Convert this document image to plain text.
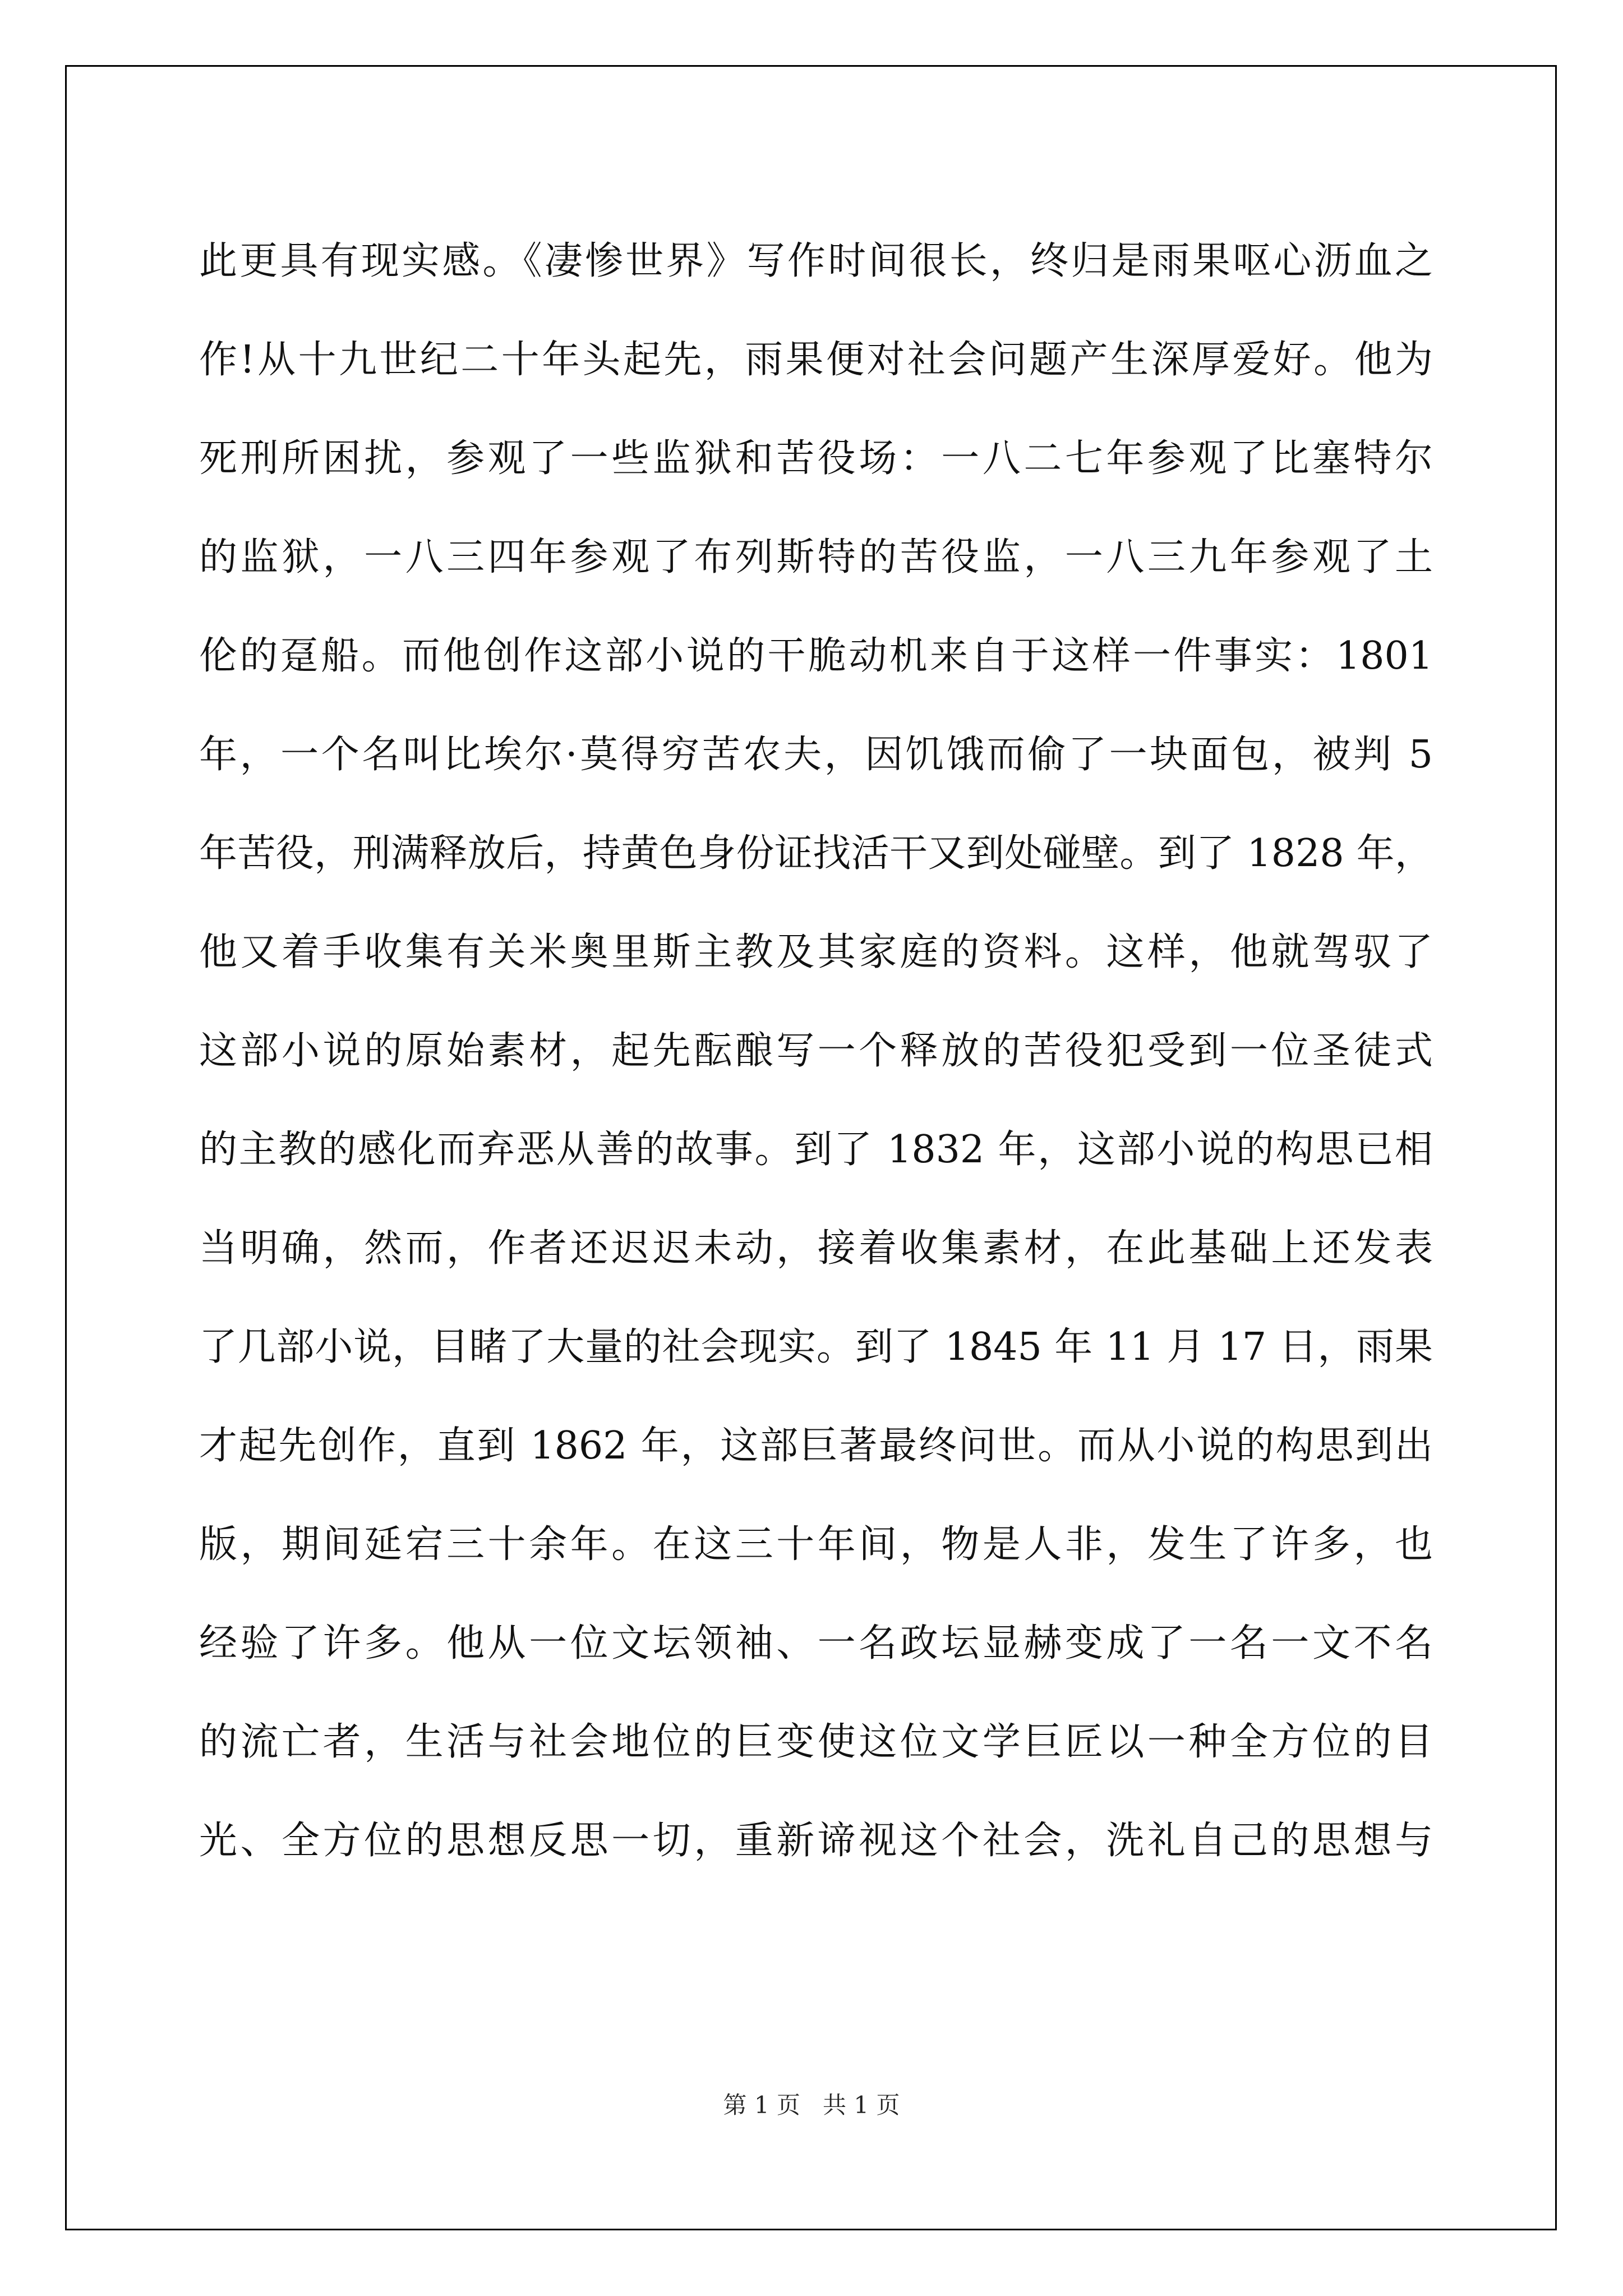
此更具有现实感。《凄惨世界》写作时间很长，终归是雨果呕心沥血之
作!从十九世纪二十年头起先，雨果便对社会问题产生深厚爱好。他为
死刑所困扰，参观了一些监狱和苦役场：一八二七年参观了比塞特尔
的监狱，一八三四年参观了布列斯特的苦役监，一八三九年参观了土
伦的趸船。而他创作这部小说的干脆动机来自于这样一件事实：1801
年，一个名叫比埃尔·莫得穷苦农夫，因饥饿而偷了一块面包，被判 5
年苦役，刑满释放后，持黄色身份证找活干又到处碰壁。到了 1828 年，
他又着手收集有关米奥里斯主教及其家庭的资料。这样，他就驾驭了
这部小说的原始素材，起先酝酿写一个释放的苦役犯受到一位圣徒式
的主教的感化而弃恶从善的故事。到了 1832 年，这部小说的构思已相
当明确，然而，作者还迟迟未动，接着收集素材，在此基础上还发表
了几部小说，目睹了大量的社会现实。到了 1845 年 11 月 17 日，雨果
才起先创作，直到 1862 年，这部巨著最终问世。而从小说的构思到出
版，期间延宕三十余年。在这三十年间，物是人非，发生了许多，也
经验了许多。他从一位文坛领袖、一名政坛显赫变成了一名一文不名
的流亡者，生活与社会地位的巨变使这位文学巨匠以一种全方位的目
光、全方位的思想反思一切，重新谛视这个社会，洗礼自己的思想与
第 1 页   共 1 页
